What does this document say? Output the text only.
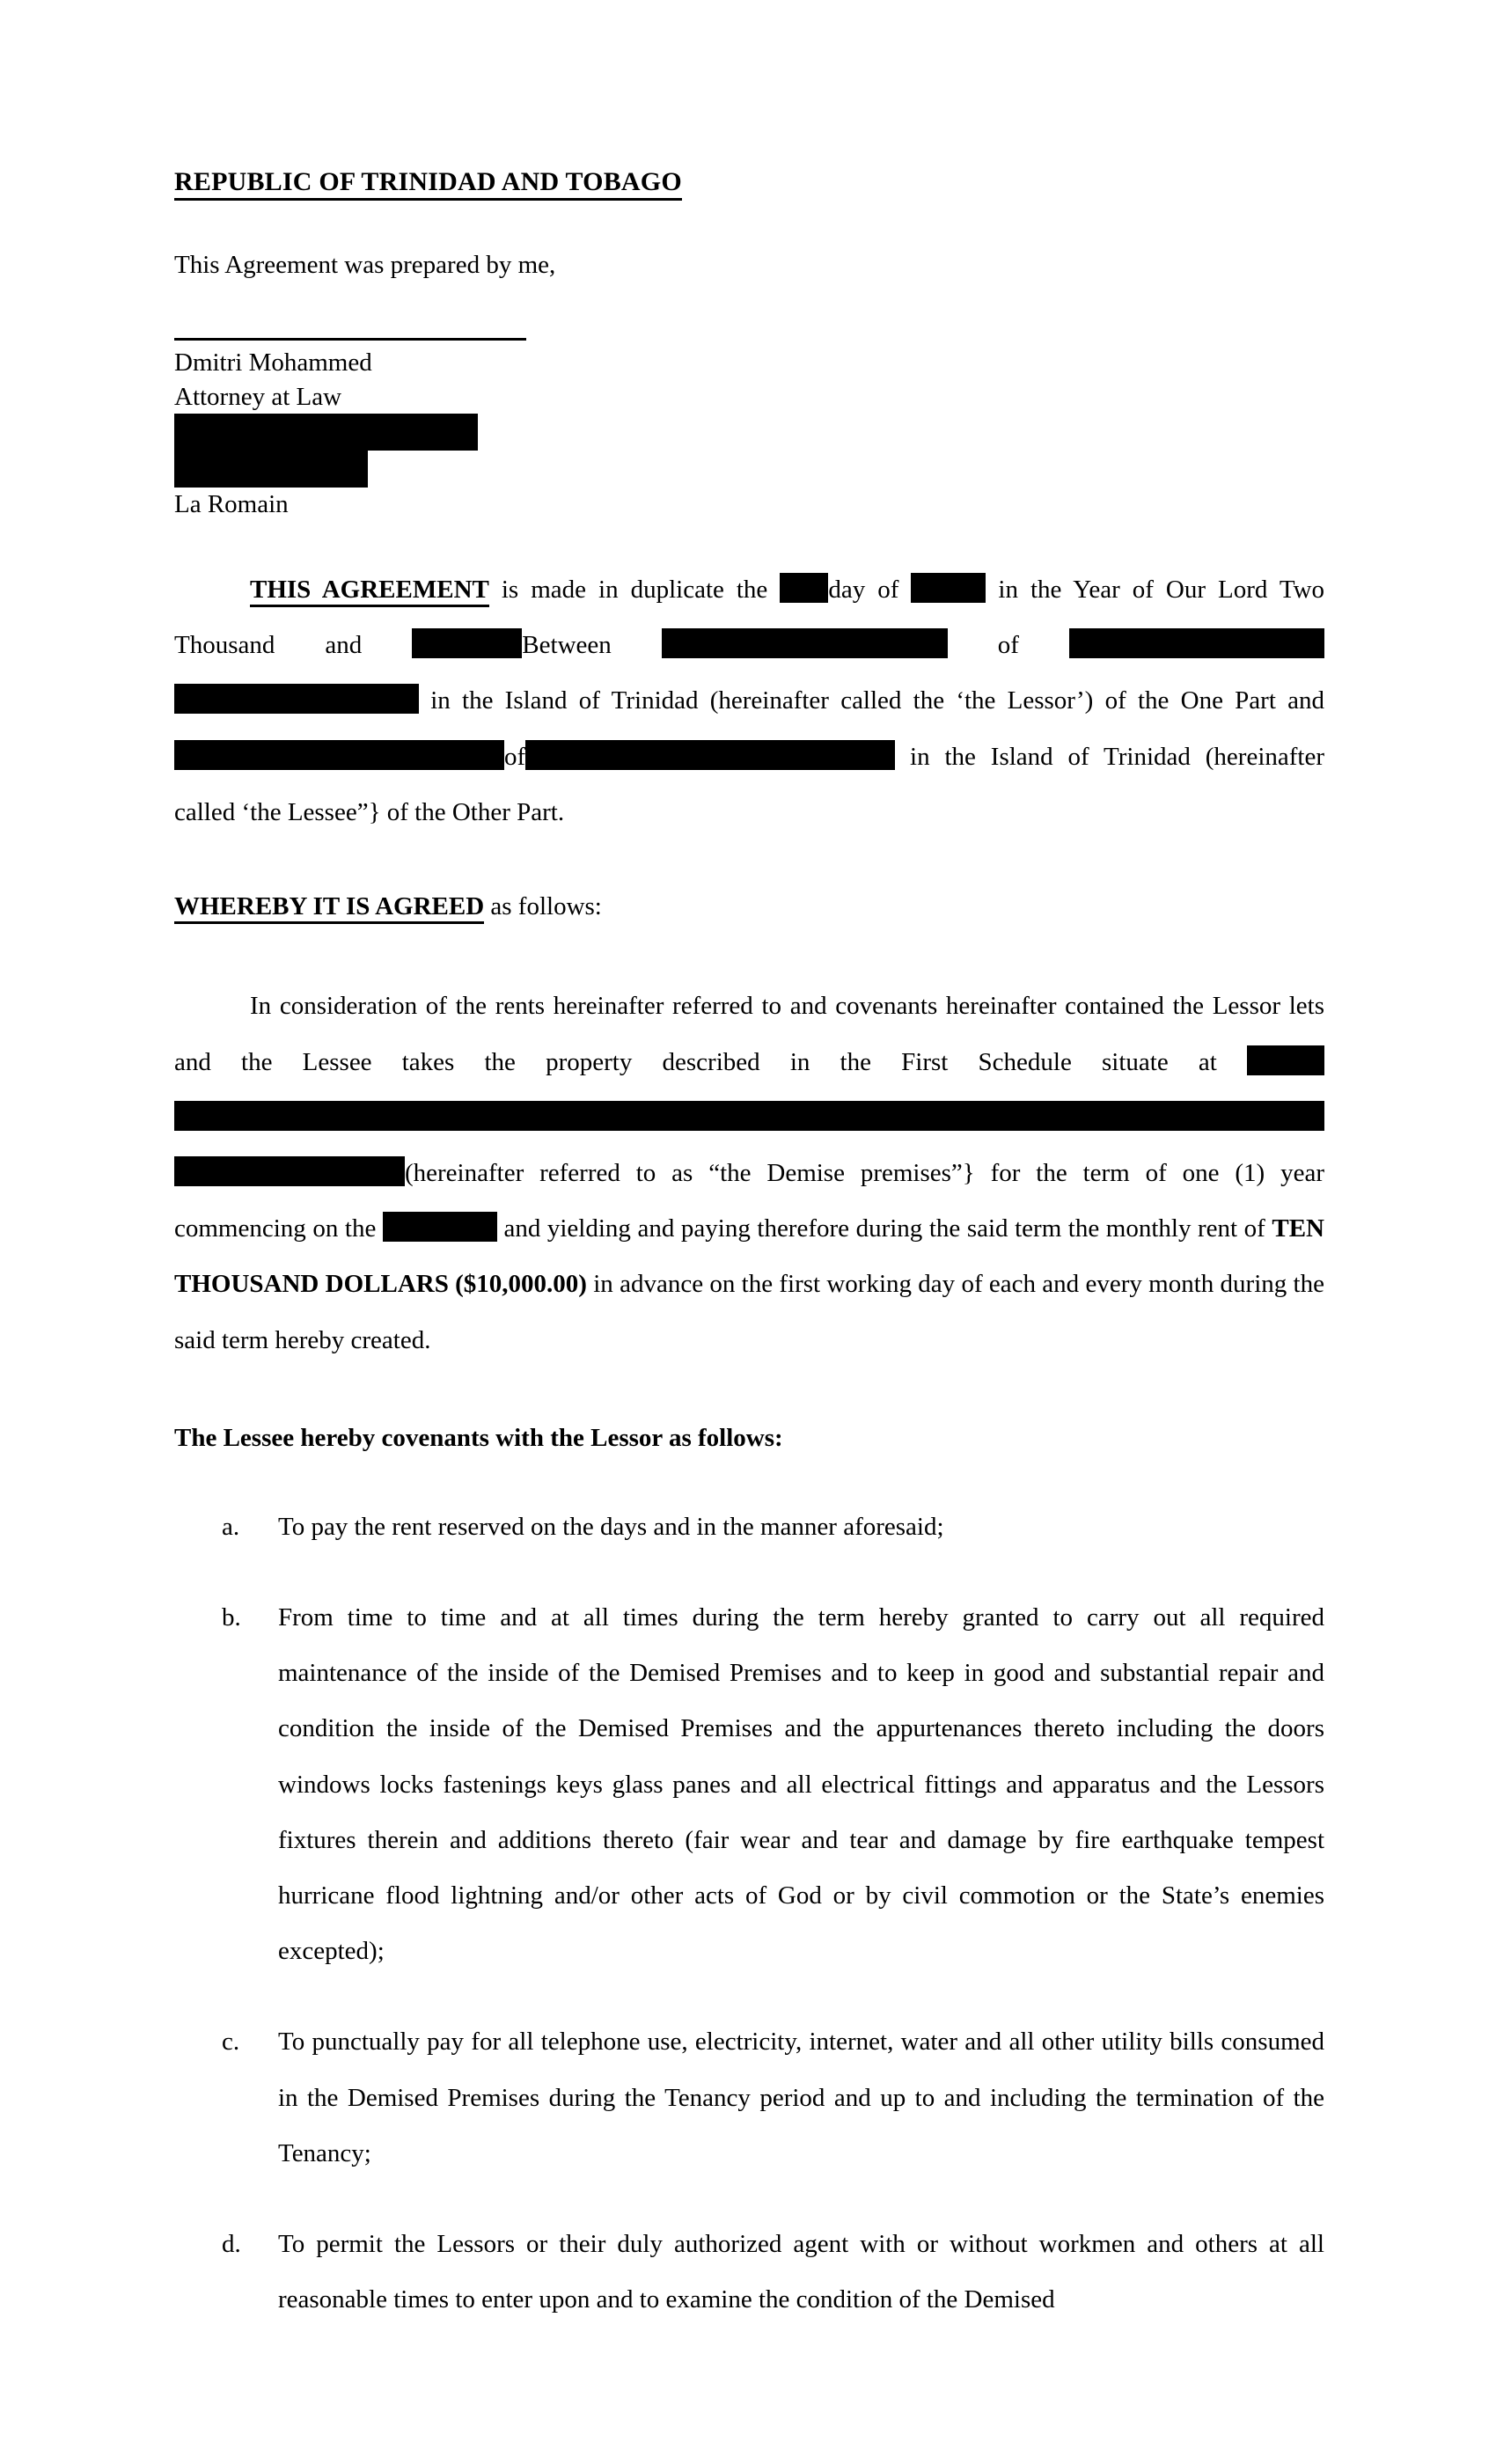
REPUBLIC OF TRINIDAD AND TOBAGO
This Agreement was prepared by me,
Dmitri Mohammed
Attorney at Law
La Romain

THIS AGREEMENT is made in duplicate the day of	in the Year of Our Lord Two Thousand and	Between	of   in the Island of Trinidad (hereinafter called the ‘the Lessor’) of the One Part and of	in the Island of Trinidad (hereinafter called ‘the Lessee”} of the Other Part.

WHEREBY IT IS AGREED as follows:

In consideration of the rents hereinafter referred to and covenants hereinafter contained the Lessor lets and the Lessee takes the property described in the First Schedule situate at (hereinafter referred to as “the Demise premises”} for the term of one (1) year commencing on the	and yielding and paying therefore during the said term the monthly rent of TEN THOUSAND DOLLARS ($10,000.00) in advance on the first working day of each and every month during the said term hereby created.

The Lessee hereby covenants with the Lessor as follows:
a.	To pay the rent reserved on the days and in the manner aforesaid;
b.	From time to time and at all times during the term hereby granted to carry out all required maintenance of the inside of the Demised Premises and to keep in good and substantial repair and condition the inside of the Demised Premises and the appurtenances thereto including the doors windows locks fastenings keys glass panes and all electrical fittings and apparatus and the Lessors fixtures therein and additions thereto (fair wear and tear and damage by fire earthquake tempest hurricane flood lightning and/or other acts of God or by civil commotion or the State’s enemies excepted);
c.	To punctually pay for all telephone use, electricity, internet, water and all other utility bills consumed in the Demised Premises during the Tenancy period and up to and including the termination of the Tenancy;
d.	To permit the Lessors or their duly authorized agent with or without workmen and others at all reasonable times to enter upon and to examine the condition of the Demised
